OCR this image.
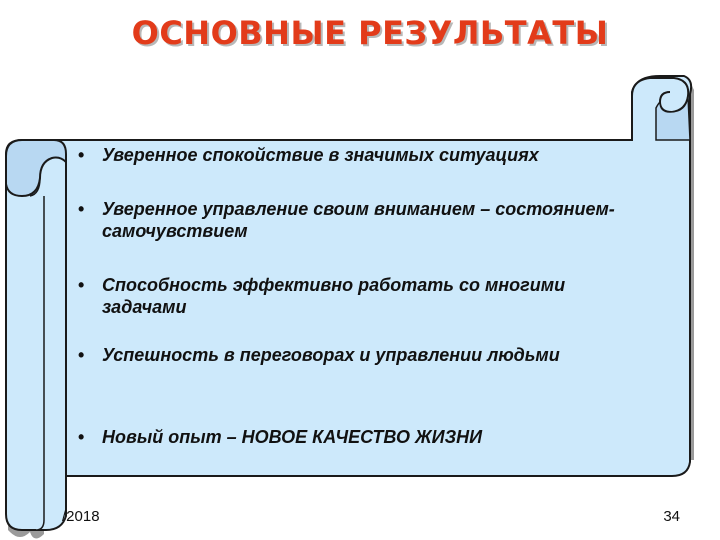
ОСНОВНЫЕ РЕЗУЛЬТАТЫ
• Уверенное спокойствие в значимых ситуациях
• Уверенное управление своим вниманием – состоянием-самочувствием
• Способность эффективно работать со многими задачами
• Успешность в переговорах и управлении людьми
• Новый опыт – НОВОЕ КАЧЕСТВО ЖИЗНИ
/2018	34
